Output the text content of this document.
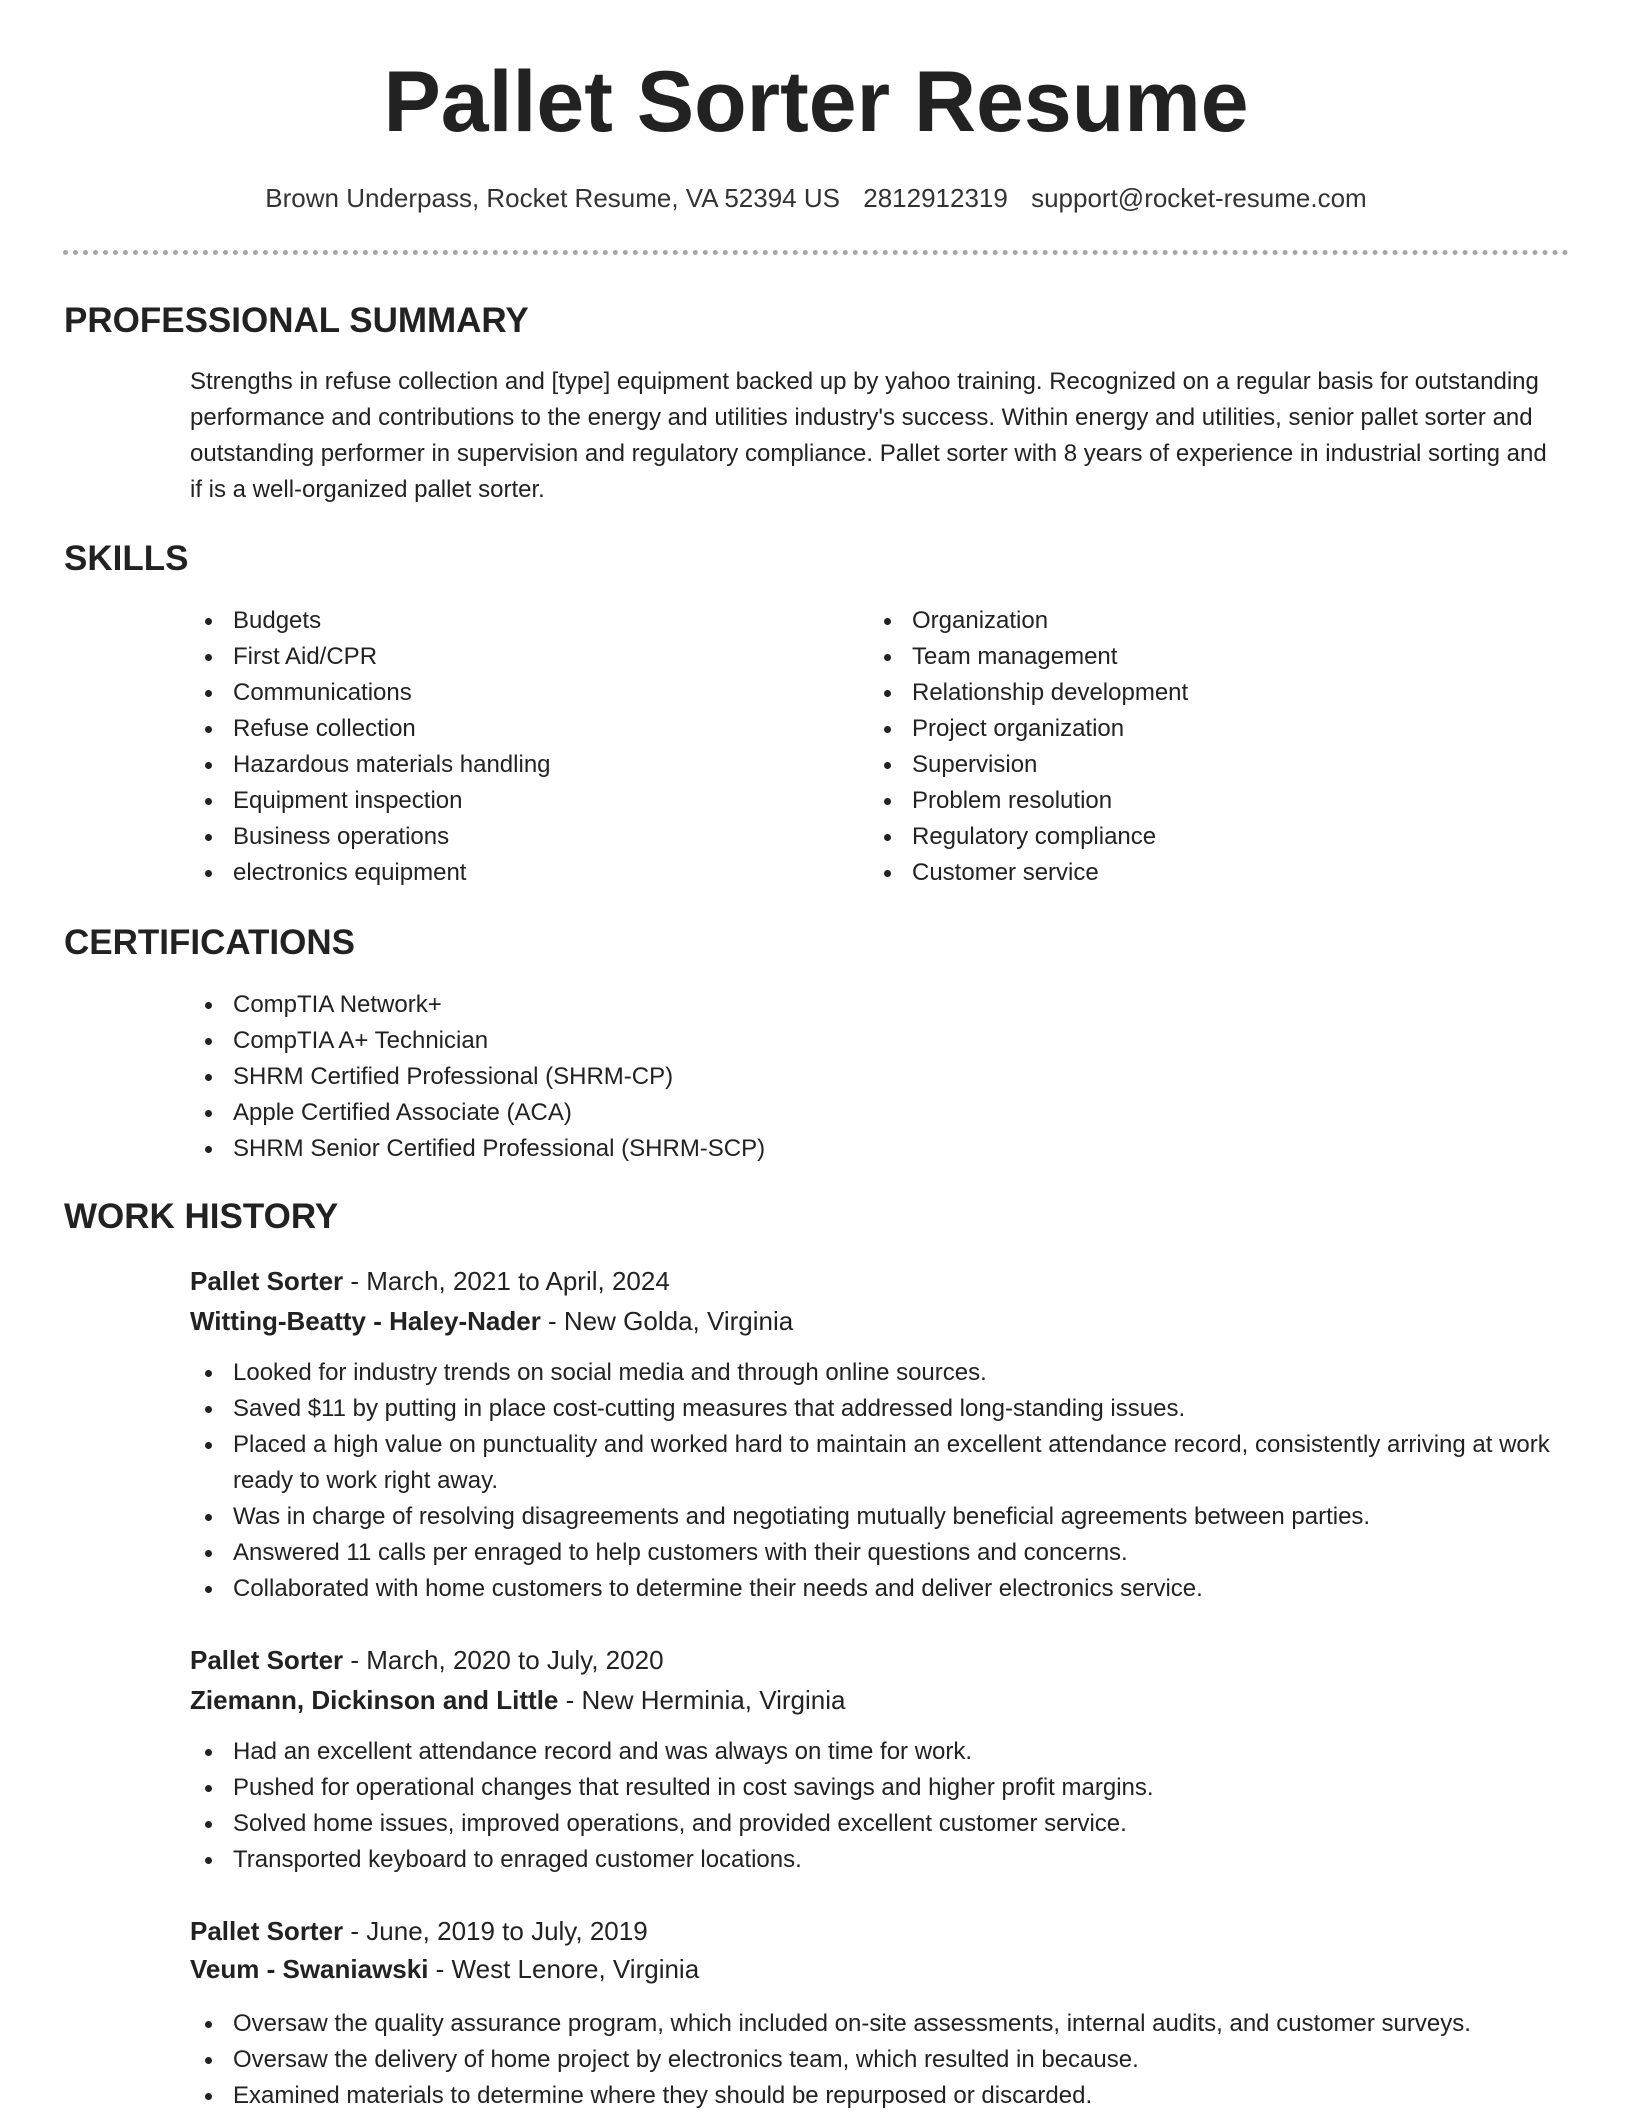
Pallet Sorter Resume
Brown Underpass, Rocket Resume, VA 52394 US 2812912319 support@rocket-resume.com
PROFESSIONAL SUMMARY

Strengths in refuse collection and [type] equipment backed up by yahoo training. Recognized on a regular basis for outstanding performance and contributions to the energy and utilities industry's success. Within energy and utilities, senior pallet sorter and outstanding performer in supervision and regulatory compliance. Pallet sorter with 8 years of experience in industrial sorting and if is a well-organized pallet sorter.

SKILLS
Budgets
First Aid/CPR
Communications
Refuse collection
Hazardous materials handling
Equipment inspection
Business operations
electronics equipment
Organization
Team management
Relationship development
Project organization
Supervision
Problem resolution
Regulatory compliance
Customer service
CERTIFICATIONS
CompTIA Network+
CompTIA A+ Technician
SHRM Certified Professional (SHRM-CP)
Apple Certified Associate (ACA)
SHRM Senior Certified Professional (SHRM-SCP)
WORK HISTORY
Pallet Sorter - March, 2021 to April, 2024
Witting-Beatty - Haley-Nader - New Golda, Virginia
Looked for industry trends on social media and through online sources.
Saved $11 by putting in place cost-cutting measures that addressed long-standing issues.
Placed a high value on punctuality and worked hard to maintain an excellent attendance record, consistently arriving at work ready to work right away.
Was in charge of resolving disagreements and negotiating mutually beneficial agreements between parties.
Answered 11 calls per enraged to help customers with their questions and concerns.
Collaborated with home customers to determine their needs and deliver electronics service.
Pallet Sorter - March, 2020 to July, 2020
Ziemann, Dickinson and Little - New Herminia, Virginia
Had an excellent attendance record and was always on time for work.
Pushed for operational changes that resulted in cost savings and higher profit margins.
Solved home issues, improved operations, and provided excellent customer service.
Transported keyboard to enraged customer locations.
Pallet Sorter - June, 2019 to July, 2019
Veum - Swaniawski - West Lenore, Virginia
Oversaw the quality assurance program, which included on-site assessments, internal audits, and customer surveys.
Oversaw the delivery of home project by electronics team, which resulted in because.
Examined materials to determine where they should be repurposed or discarded.
